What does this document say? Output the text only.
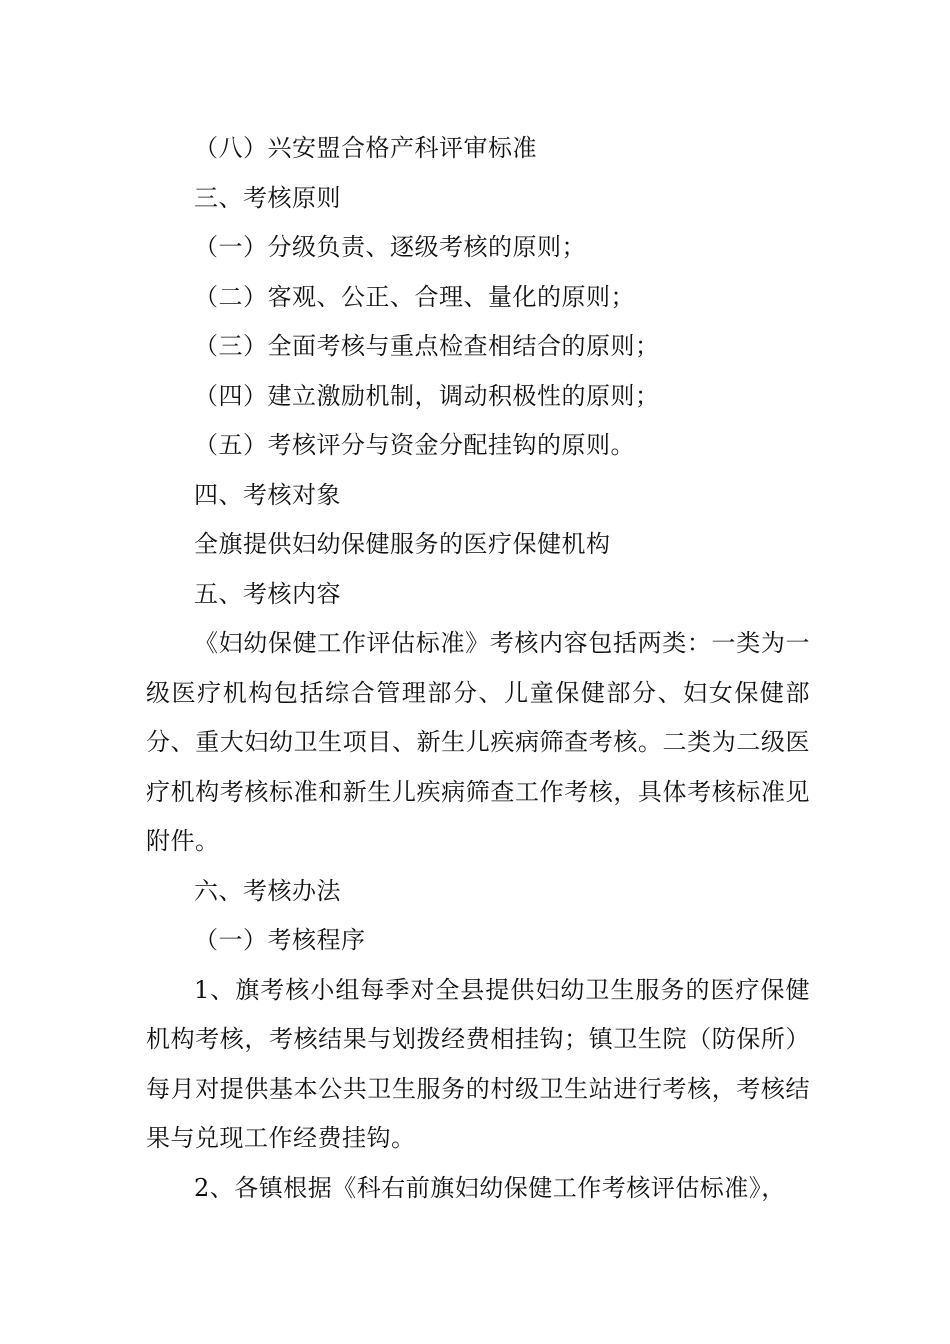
（八）兴安盟合格产科评审标准

三、考核原则

（一）分级负责、逐级考核的原则；

（二）客观、公正、合理、量化的原则；

（三）全面考核与重点检查相结合的原则；

（四）建立激励机制，调动积极性的原则；

（五）考核评分与资金分配挂钩的原则。

四、考核对象

全旗提供妇幼保健服务的医疗保健机构

五、考核内容

《妇幼保健工作评估标准》考核内容包括两类：一类为一级医疗机构包括综合管理部分、儿童保健部分、妇女保健部分、重大妇幼卫生项目、新生儿疾病筛查考核。二类为二级医疗机构考核标准和新生儿疾病筛查工作考核，具体考核标准见附件。

六、考核办法

（一）考核程序

1、旗考核小组每季对全县提供妇幼卫生服务的医疗保健机构考核，考核结果与划拨经费相挂钩；镇卫生院（防保所）每月对提供基本公共卫生服务的村级卫生站进行考核，考核结果与兑现工作经费挂钩。

2、各镇根据《科右前旗妇幼保健工作考核评估标准》，
